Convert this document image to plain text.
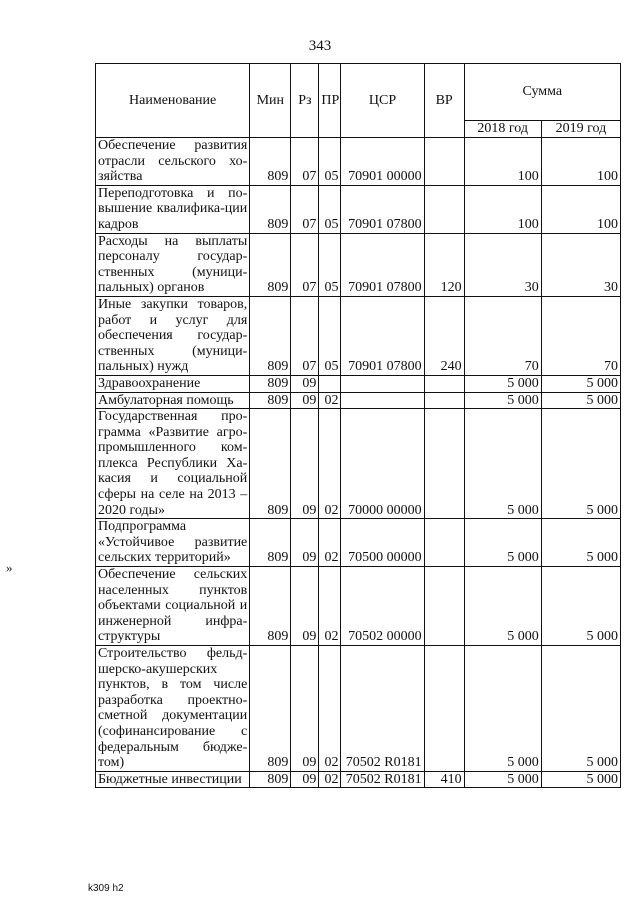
343
Наименование	Мин	Рз	ПР	ЦСР	ВР	Сумма	
						2018 год	2019 год
Обеспечение развития отрасли сельского хо-зяйства	809	07	05	70901 00000		100	100
Переподготовка и по-вышение квалифика-ции кадров	809	07	05	70901 07800		100	100
Расходы на выплаты персоналу государ-ственных (муници-пальных) органов	809	07	05	70901 07800	120	30	30
Иные закупки товаров, работ и услуг для обеспечения государ-ственных (муници-пальных) нужд	809	07	05	70901 07800	240	70	70
Здравоохранение	809	09				5 000	5 000
Амбулаторная помощь	809	09	02			5 000	5 000
Государственная про-грамма «Развитие агро-промышленного ком-плекса Республики Ха-касия и социальной сферы на селе на 2013 – 2020 годы»	809	09	02	70000 00000		5 000	5 000
Подпрограмма «Устойчивое развитие сельских территорий»	809	09	02	70500 00000		5 000	5 000
Обеспечение сельских населенных пунктов объектами социальной и инженерной инфра-структуры	809	09	02	70502 00000		5 000	5 000
Строительство фельд-шерско-акушерских пунктов, в том числе разработка проектно-сметной документации (софинансирование с федеральным бюдже-том)	809	09	02	70502 R0181		5 000	5 000
Бюджетные инвестиции	809	09	02	70502 R0181	410	5 000	5 000
»
k309 h2
